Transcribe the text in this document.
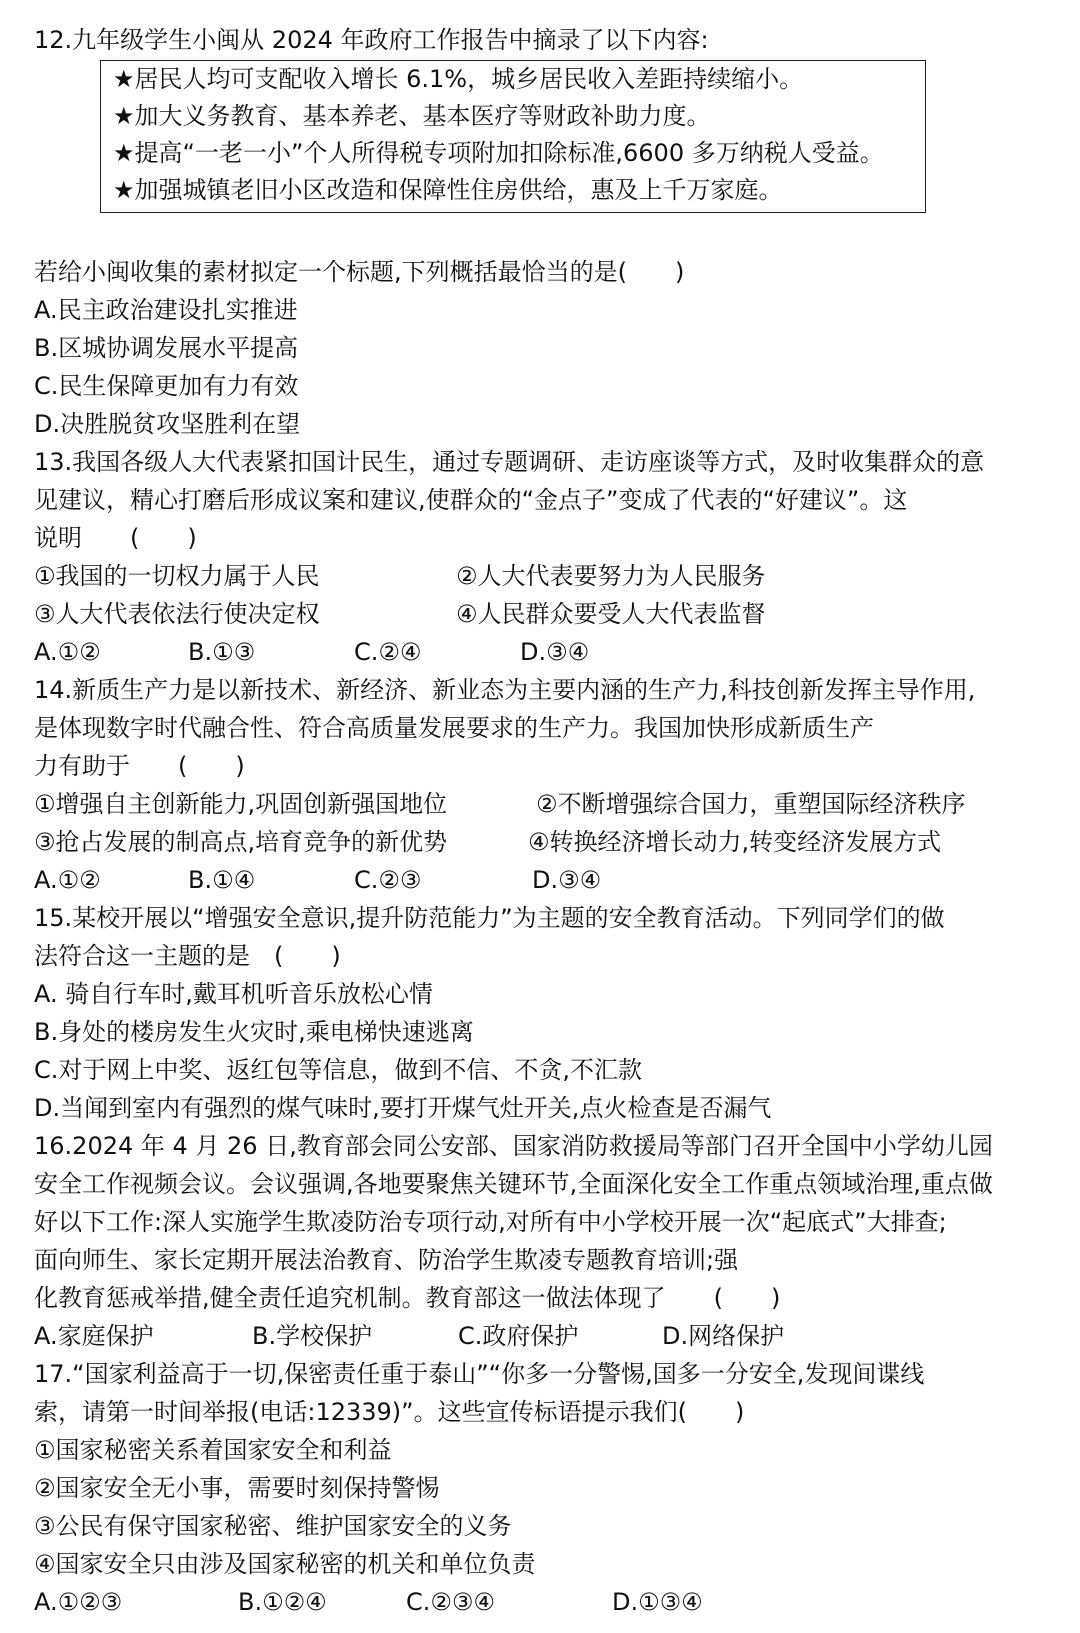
12.九年级学生小闽从 2024 年政府工作报告中摘录了以下内容:
★居民人均可支配收入增长 6.1%，城乡居民收入差距持续缩小。
★加大义务教育、基本养老、基本医疗等财政补助力度。
★提高“一老一小”个人所得税专项附加扣除标准,6600 多万纳税人受益。
★加强城镇老旧小区改造和保障性住房供给，惠及上千万家庭。
若给小闽收集的素材拟定一个标题,下列概括最恰当的是(　　)
A.民主政治建设扎实推进
B.区城协调发展水平提高
C.民生保障更加有力有效
D.决胜脱贫攻坚胜利在望
13.我国各级人大代表紧扣国计民生，通过专题调研、走访座谈等方式，及时收集群众的意
见建议，精心打磨后形成议案和建议,使群众的“金点子”变成了代表的“好建议”。这
说明　　(　　)
①我国的一切权力属于人民	②人大代表要努力为人民服务
③人大代表依法行使决定权	④人民群众要受人大代表监督
A.①②	B.①③	C.②④	D.③④
14.新质生产力是以新技术、新经济、新业态为主要内涵的生产力,科技创新发挥主导作用,
是体现数字时代融合性、符合高质量发展要求的生产力。我国加快形成新质生产
力有助于　　(　　)
①增强自主创新能力,巩固创新强国地位	②不断增强综合国力，重塑国际经济秩序
③抢占发展的制高点,培育竞争的新优势	④转换经济增长动力,转变经济发展方式
A.①②	B.①④	C.②③	D.③④
15.某校开展以“增强安全意识,提升防范能力”为主题的安全教育活动。下列同学们的做
法符合这一主题的是　(　　)
A. 骑自行车时,戴耳机听音乐放松心情
B.身处的楼房发生火灾时,乘电梯快速逃离
C.对于网上中奖、返红包等信息，做到不信、不贪,不汇款
D.当闻到室内有强烈的煤气味时,要打开煤气灶开关,点火检查是否漏气
16.2024 年 4 月 26 日,教育部会同公安部、国家消防救援局等部门召开全国中小学幼儿园
安全工作视频会议。会议强调,各地要聚焦关键环节,全面深化安全工作重点领域治理,重点做
好以下工作:深人实施学生欺凌防治专项行动,对所有中小学校开展一次“起底式”大排查;
面向师生、家长定期开展法治教育、防治学生欺凌专题教育培训;强
化教育惩戒举措,健全责任追究机制。教育部这一做法体现了　　(　　)
A.家庭保护	B.学校保护	C.政府保护	D.网络保护
17.“国家利益高于一切,保密责任重于泰山”“你多一分警惕,国多一分安全,发现间谍线
索，请第一时间举报(电话:12339)”。这些宣传标语提示我们(　　)
①国家秘密关系着国家安全和利益
②国家安全无小事，需要时刻保持警惕
③公民有保守国家秘密、维护国家安全的义务
④国家安全只由涉及国家秘密的机关和单位负责
A.①②③	B.①②④	C.②③④	D.①③④
